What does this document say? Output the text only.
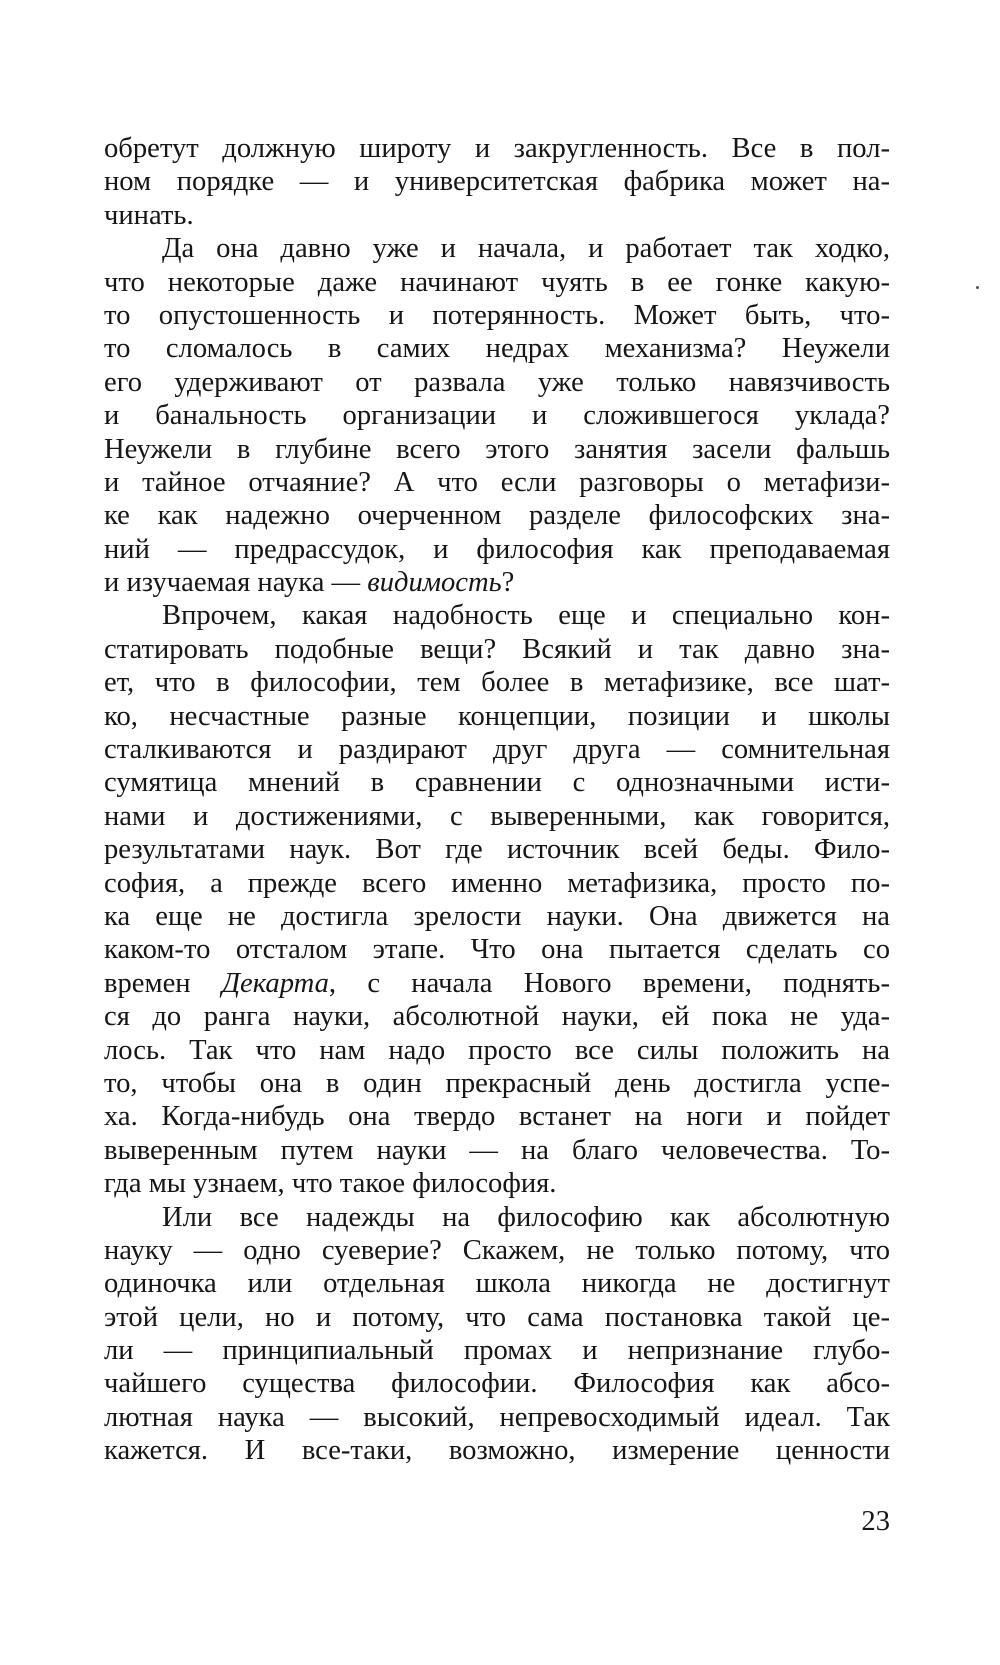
обретут должную широту и закругленность. Все в пол-
ном порядке — и университетская фабрика может на-
чинать.
Да она давно уже и начала, и работает так ходко,
что некоторые даже начинают чуять в ее гонке какую-
то опустошенность и потерянность. Может быть, что-
то сломалось в самих недрах механизма? Неужели
его удерживают от развала уже только навязчивость
и банальность организации и сложившегося уклада?
Неужели в глубине всего этого занятия засели фальшь
и тайное отчаяние? А что если разговоры о метафизи-
ке как надежно очерченном разделе философских зна-
ний — предрассудок, и философия как преподаваемая
и изучаемая наука — видимость?
Впрочем, какая надобность еще и специально кон-
статировать подобные вещи? Всякий и так давно зна-
ет, что в философии, тем более в метафизике, все шат-
ко, несчастные разные концепции, позиции и школы
сталкиваются и раздирают друг друга — сомнительная
сумятица мнений в сравнении с однозначными исти-
нами и достижениями, с выверенными, как говорится,
результатами наук. Вот где источник всей беды. Фило-
софия, а прежде всего именно метафизика, просто по-
ка еще не достигла зрелости науки. Она движется на
каком-то отсталом этапе. Что она пытается сделать со
времен Декарта, с начала Нового времени, поднять-
ся до ранга науки, абсолютной науки, ей пока не уда-
лось. Так что нам надо просто все силы положить на
то, чтобы она в один прекрасный день достигла успе-
ха. Когда-нибудь она твердо встанет на ноги и пойдет
выверенным путем науки — на благо человечества. То-
гда мы узнаем, что такое философия.
Или все надежды на философию как абсолютную
науку — одно суеверие? Скажем, не только потому, что
одиночка или отдельная школа никогда не достигнут
этой цели, но и потому, что сама постановка такой це-
ли — принципиальный промах и непризнание глубо-
чайшего существа философии. Философия как абсо-
лютная наука — высокий, непревосходимый идеал. Так
кажется. И все-таки, возможно, измерение ценности
23
